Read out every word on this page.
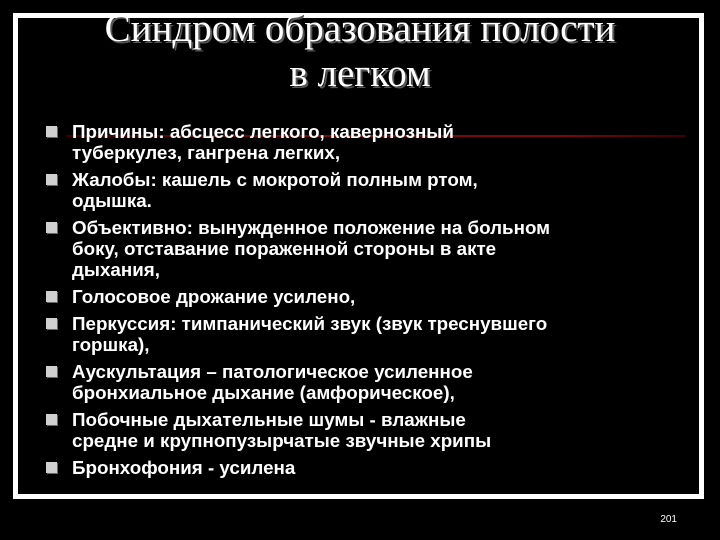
Синдром образования полости
в легком
Причины: абсцесс легкого, кавернозный
туберкулез, гангрена легких,
Жалобы: кашель с мокротой полным ртом,
одышка.
Объективно: вынужденное положение на больном
боку, отставание пораженной стороны в акте
дыхания,
Голосовое дрожание усилено,
Перкуссия: тимпанический звук (звук треснувшего
горшка),
Аускультация – патологическое усиленное
бронхиальное дыхание (амфорическое),
Побочные дыхательные шумы - влажные
средне и крупнопузырчатые звучные хрипы
Бронхофония - усилена
201
